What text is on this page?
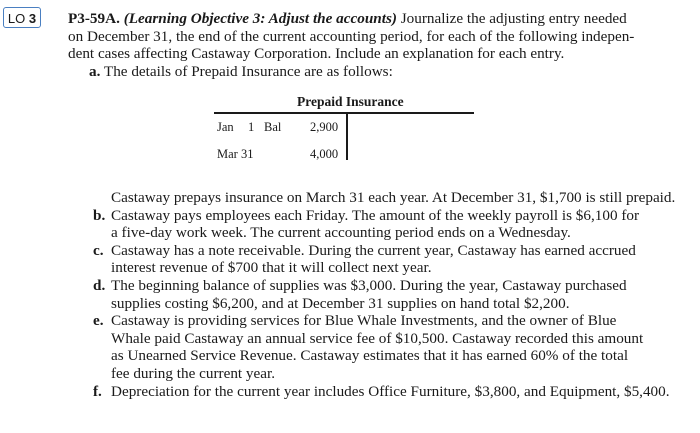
LO 3	P3-59A. (Learning Objective 3: Adjust the accounts) Journalize the adjusting entry needed
on December 31, the end of the current accounting period, for each of the following indepen-
dent cases affecting Castaway Corporation. Include an explanation for each entry.
a. The details of Prepaid Insurance are as follows:
Prepaid Insurance
Jan 1 Bal 2,900
Mar 31	4,000
Castaway prepays insurance on March 31 each year. At December 31, $1,700 is still prepaid.
b. Castaway pays employees each Friday. The amount of the weekly payroll is $6,100 for
a five-day work week. The current accounting period ends on a Wednesday.
c. Castaway has a note receivable. During the current year, Castaway has earned accrued
interest revenue of $700 that it will collect next year.
d. The beginning balance of supplies was $3,000. During the year, Castaway purchased
supplies costing $6,200, and at December 31 supplies on hand total $2,200.
e. Castaway is providing services for Blue Whale Investments, and the owner of Blue
Whale paid Castaway an annual service fee of $10,500. Castaway recorded this amount
as Unearned Service Revenue. Castaway estimates that it has earned 60% of the total
fee during the current year.
f. Depreciation for the current year includes Office Furniture, $3,800, and Equipment, $5,400.
